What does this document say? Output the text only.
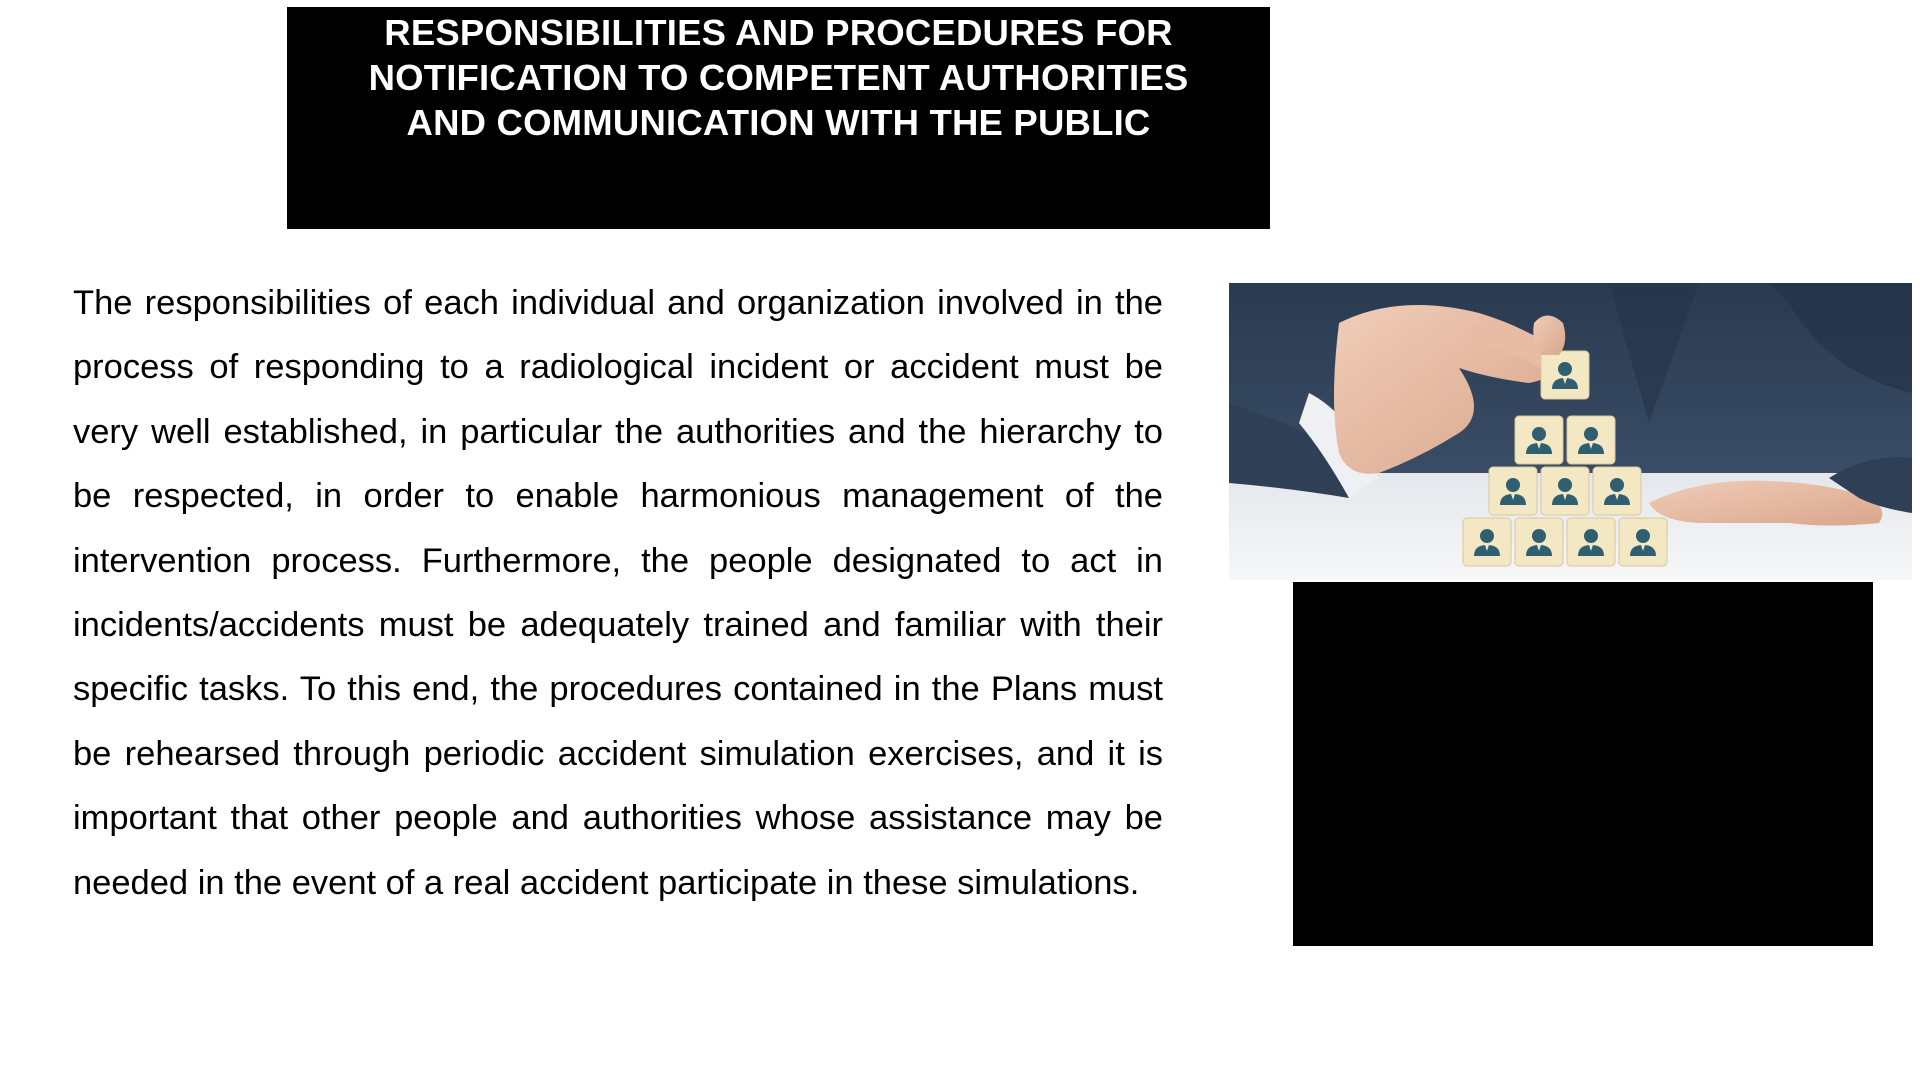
RESPONSIBILITIES AND PROCEDURES FOR
NOTIFICATION TO COMPETENT AUTHORITIES
AND COMMUNICATION WITH THE PUBLIC

The responsibilities of each individual and organization involved in the process of responding to a radiological incident or accident must be very well established, in particular the authorities and the hierarchy to be respected, in order to enable harmonious management of the intervention process. Furthermore, the people designated to act in incidents/accidents must be adequately trained and familiar with their specific tasks. To this end, the procedures contained in the Plans must be rehearsed through periodic accident simulation exercises, and it is important that other people and authorities whose assistance may be needed in the event of a real accident participate in these simulations.
